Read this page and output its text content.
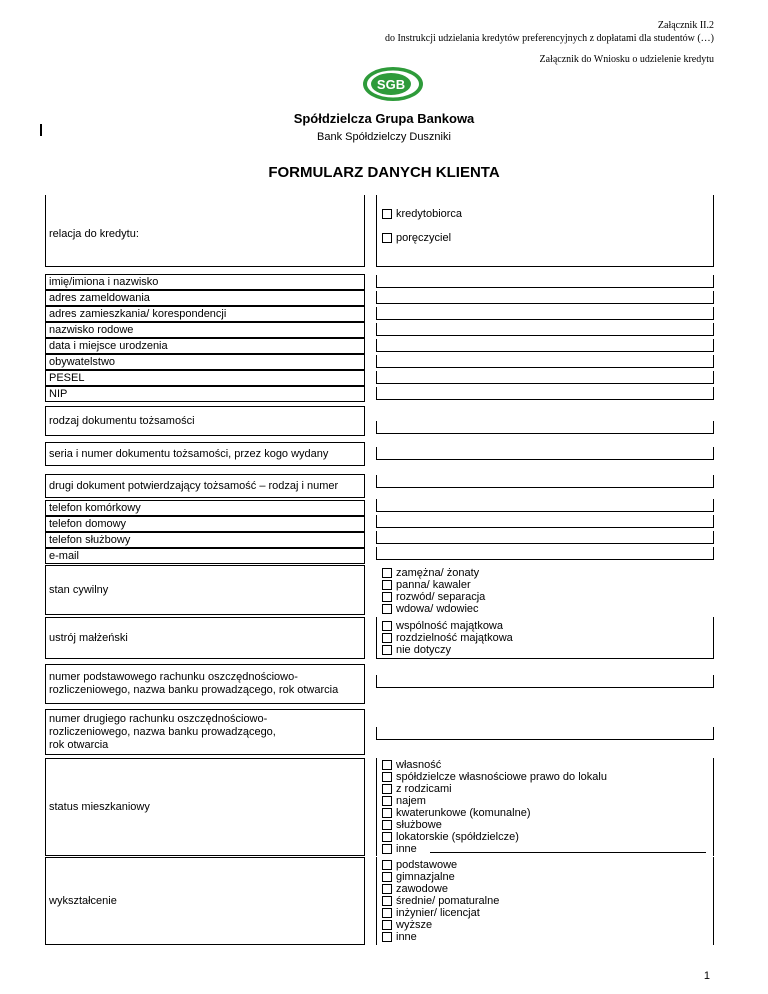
Załącznik II.2
do Instrukcji udzielania kredytów preferencyjnych z dopłatami dla studentów (…)
Załącznik do Wniosku o udzielenie kredytu
SGB
Spółdzielcza Grupa Bankowa
Bank Spółdzielczy Duszniki
FORMULARZ DANYCH KLIENTA
relacja do kredytu:
kredytobiorca
poręczyciel
imię/imiona i nazwisko
adres zameldowania
adres zamieszkania/ korespondencji
nazwisko rodowe
data i miejsce urodzenia
obywatelstwo
PESEL
NIP
rodzaj dokumentu tożsamości
seria i numer dokumentu tożsamości, przez kogo wydany
drugi dokument potwierdzający tożsamość – rodzaj i numer
telefon komórkowy
telefon domowy
telefon służbowy
e-mail
stan cywilny
zamężna/ żonaty
panna/ kawaler
rozwód/ separacja
wdowa/ wdowiec
ustrój małżeński
wspólność majątkowa
rozdzielność majątkowa
nie dotyczy
numer podstawowego rachunku oszczędnościowo-
rozliczeniowego, nazwa banku prowadzącego, rok otwarcia
numer drugiego rachunku oszczędnościowo-
rozliczeniowego, nazwa banku prowadzącego,
rok otwarcia
status mieszkaniowy
własność
spółdzielcze własnościowe prawo do lokalu
z rodzicami
najem
kwaterunkowe (komunalne)
służbowe
lokatorskie (spółdzielcze)
inne
wykształcenie
podstawowe
gimnazjalne
zawodowe
średnie/ pomaturalne
inżynier/ licencjat
wyższe
inne
1
